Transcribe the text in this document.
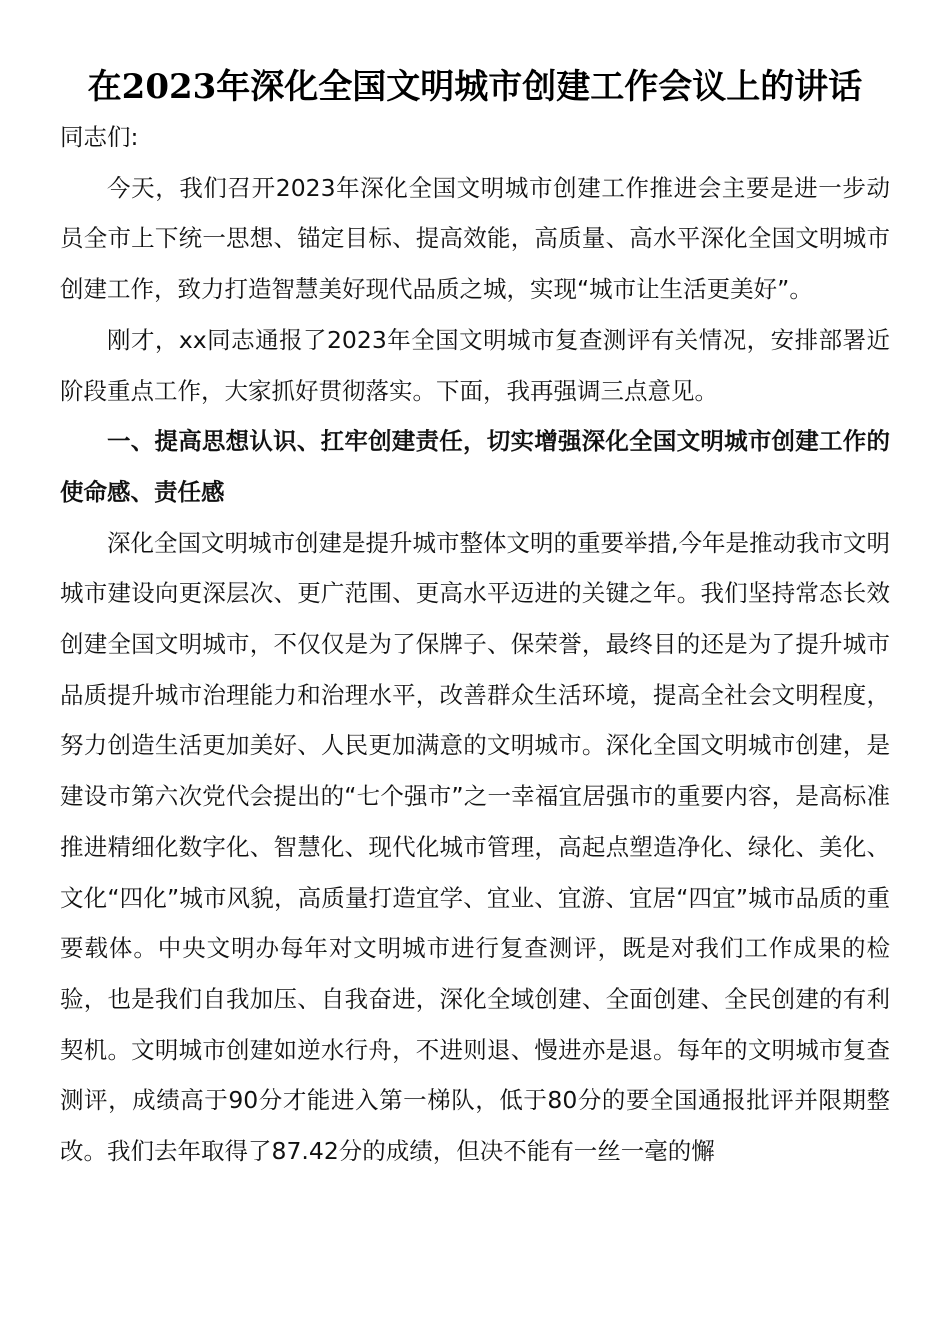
在2023年深化全国文明城市创建工作会议上的讲话

同志们:

今天，我们召开2023年深化全国文明城市创建工作推进会主要是进一步动员全市上下统一思想、锚定目标、提高效能，高质量、高水平深化全国文明城市创建工作，致力打造智慧美好现代品质之城，实现“城市让生活更美好”。

刚才，xx同志通报了2023年全国文明城市复查测评有关情况，安排部署近阶段重点工作，大家抓好贯彻落实。下面，我再强调三点意见。

一、提高思想认识、扛牢创建责任，切实增强深化全国文明城市创建工作的使命感、责任感

深化全国文明城市创建是提升城市整体文明的重要举措,今年是推动我市文明城市建设向更深层次、更广范围、更高水平迈进的关键之年。我们坚持常态长效创建全国文明城市，不仅仅是为了保牌子、保荣誉，最终目的还是为了提升城市品质提升城市治理能力和治理水平，改善群众生活环境，提高全社会文明程度，努力创造生活更加美好、人民更加满意的文明城市。深化全国文明城市创建，是建设市第六次党代会提出的“七个强市”之一幸福宜居强市的重要内容，是高标准推进精细化数字化、智慧化、现代化城市管理，高起点塑造净化、绿化、美化、文化“四化”城市风貌，高质量打造宜学、宜业、宜游、宜居“四宜”城市品质的重要载体。中央文明办每年对文明城市进行复查测评，既是对我们工作成果的检验，也是我们自我加压、自我奋进，深化全域创建、全面创建、全民创建的有利契机。文明城市创建如逆水行舟，不进则退、慢进亦是退。每年的文明城市复查测评，成绩高于90分才能进入第一梯队，低于80分的要全国通报批评并限期整改。我们去年取得了87.42分的成绩，但决不能有一丝一毫的懈
